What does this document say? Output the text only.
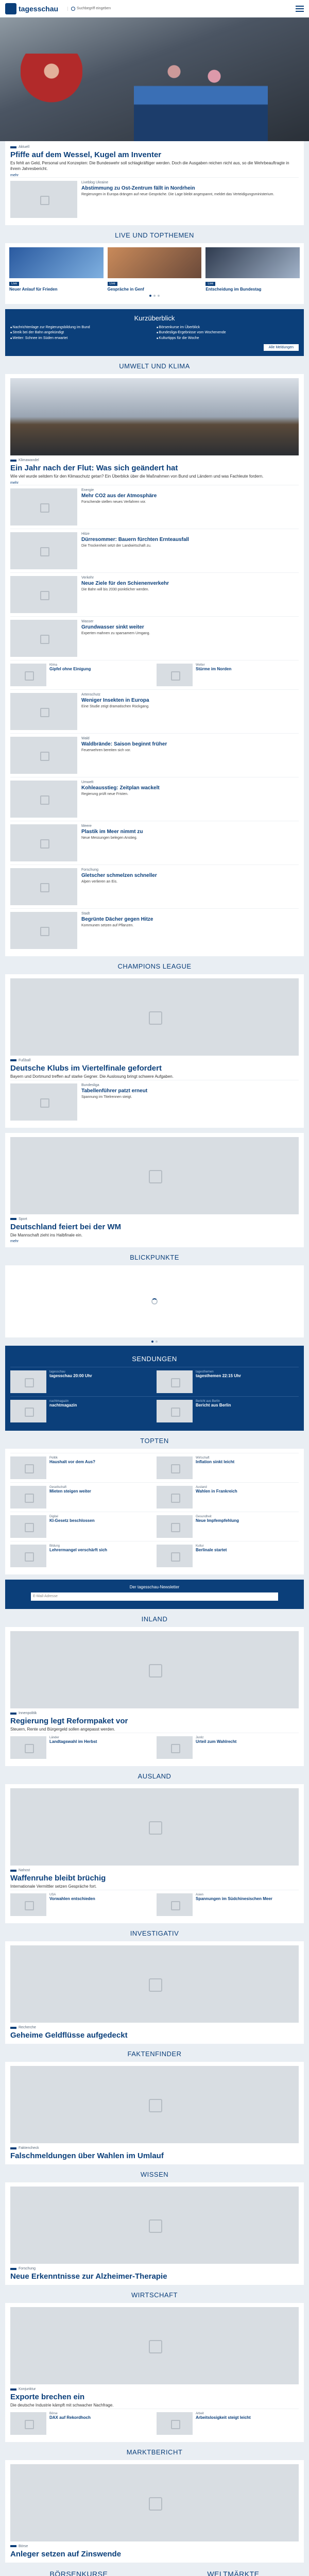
tagesschau	Suchbegriff eingeben
Aktuell
Pfiffe auf dem Wessel, Kugel am Inventer
Es fehlt an Geld, Personal und Konzepten: Die Bundeswehr soll schlagkräftiger werden. Doch die Ausgaben reichen nicht aus, so die Wehrbeauftragte in ihrem Jahresbericht.
mehr
Liveblog Ukraine
Abstimmung zu Ost-Zentrum fällt in Nordrhein
Regierungen in Europa drängen auf neue Gespräche. Die Lage bleibt angespannt, meldet das Verteidigungsministerium.
LIVE UND TOPTHEMEN
Live
Neuer Anlauf für Frieden
Live
Gespräche in Genf
Live
Entscheidung im Bundestag
Kurzüberblick

■ Nachrichtenlage zur Regierungsbildung im Bund

■ Streik bei der Bahn angekündigt

■ Wetter: Schnee im Süden erwartet

■ Börsenkurse im Überblick

■ Bundesliga-Ergebnisse vom Wochenende

■ Kulturtipps für die Woche

Alle Meldungen
UMWELT UND KLIMA
Klimawandel
Ein Jahr nach der Flut: Was sich geändert hat
Wie viel wurde seitdem für den Klimaschutz getan? Ein Überblick über die Maßnahmen von Bund und Ländern und was Fachleute fordern.
mehr
Energie
Mehr CO2 aus der Atmosphäre
Forschende stellen neues Verfahren vor.
Hitze
Dürresommer: Bauern fürchten Ernteausfall
Die Trockenheit setzt der Landwirtschaft zu.
Verkehr
Neue Ziele für den Schienenverkehr
Die Bahn will bis 2030 pünktlicher werden.
Wasser
Grundwasser sinkt weiter
Experten mahnen zu sparsamem Umgang.
Klima
Gipfel ohne Einigung
Wetter
Stürme im Norden
Artenschutz
Weniger Insekten in Europa
Eine Studie zeigt dramatischen Rückgang.
Wald
Waldbrände: Saison beginnt früher
Feuerwehren bereiten sich vor.
Umwelt
Kohleausstieg: Zeitplan wackelt
Regierung prüft neue Fristen.
Meere
Plastik im Meer nimmt zu
Neue Messungen belegen Anstieg.
Forschung
Gletscher schmelzen schneller
Alpen verlieren an Eis.
Stadt
Begrünte Dächer gegen Hitze
Kommunen setzen auf Pflanzen.
CHAMPIONS LEAGUE
Fußball
Deutsche Klubs im Viertelfinale gefordert
Bayern und Dortmund treffen auf starke Gegner. Die Auslosung bringt schwere Aufgaben.
Bundesliga
Tabellenführer patzt erneut
Spannung im Titelrennen steigt.
Sport
Deutschland feiert bei der WM
Die Mannschaft zieht ins Halbfinale ein.
mehr
BLICKPUNKTE
SENDUNGEN
tagesschau
tagesschau 20:00 Uhr
tagesthemen
tagesthemen 22:15 Uhr
nachtmagazin
nachtmagazin
Bericht aus Berlin
Bericht aus Berlin
TOPTEN
Politik
Haushalt vor dem Aus?
Wirtschaft
Inflation sinkt leicht
Gesellschaft
Mieten steigen weiter
Ausland
Wahlen in Frankreich
Digital
KI-Gesetz beschlossen
Gesundheit
Neue Impfempfehlung
Bildung
Lehrermangel verschärft sich
Kultur
Berlinale startet
Der tagesschau-Newsletter
E-Mail-Adresse
INLAND
Innenpolitik
Regierung legt Reformpaket vor
Steuern, Rente und Bürgergeld sollen angepasst werden.
Länder
Landtagswahl im Herbst
Justiz
Urteil zum Wahlrecht
AUSLAND
Nahost
Waffenruhe bleibt brüchig
Internationale Vermittler setzen Gespräche fort.
USA
Vorwahlen entschieden
Asien
Spannungen im Südchinesischen Meer
INVESTIGATIV
Recherche
Geheime Geldflüsse aufgedeckt
FAKTENFINDER
Faktencheck
Falschmeldungen über Wahlen im Umlauf
WISSEN
Forschung
Neue Erkenntnisse zur Alzheimer-Therapie
WIRTSCHAFT
Konjunktur
Exporte brechen ein
Die deutsche Industrie kämpft mit schwacher Nachfrage.
Börse
DAX auf Rekordhoch
Arbeit
Arbeitslosigkeit steigt leicht
MARKTBERICHT
Börse
Anleger setzen auf Zinswende
BÖRSENKURSE	WELTMÄRKTE
